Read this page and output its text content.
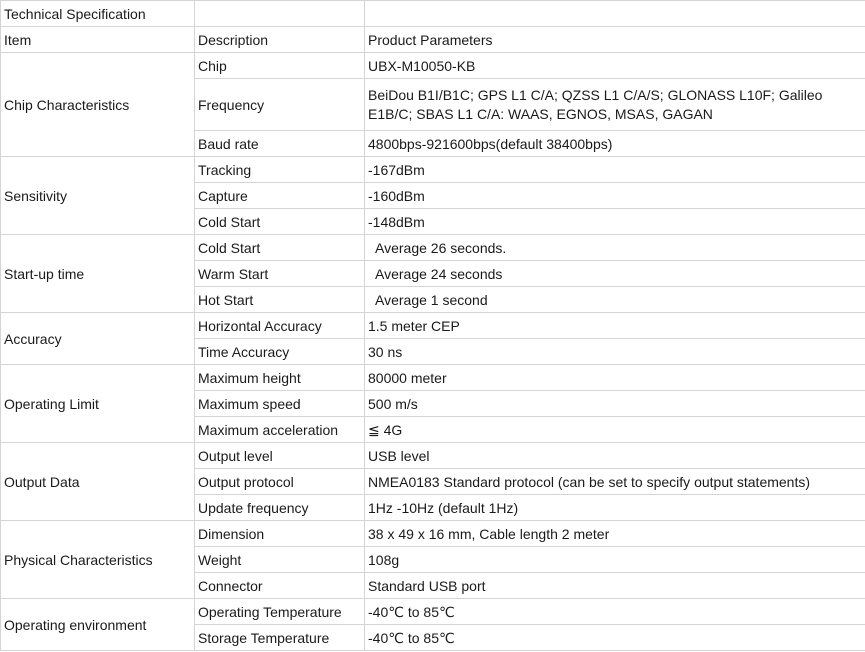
Technical Specification		
Item	Description	Product Parameters
Chip Characteristics	Chip	UBX-M10050-KB
	Frequency	BeiDou B1I/B1C; GPS L1 C/A; QZSS L1 C/A/S; GLONASS L10F; Galileo E1B/C; SBAS L1 C/A: WAAS, EGNOS, MSAS, GAGAN
	Baud rate	4800bps-921600bps(default 38400bps)
Sensitivity	Tracking	-167dBm
	Capture	-160dBm
	Cold Start	-148dBm
Start-up time	Cold Start	Average 26 seconds.
	Warm Start	Average 24 seconds
	Hot Start	Average 1 second
Accuracy	Horizontal Accuracy	1.5 meter CEP
	Time Accuracy	30 ns
Operating Limit	Maximum height	80000 meter
	Maximum speed	500 m/s
	Maximum acceleration	≦ 4G
Output Data	Output level	USB level
	Output protocol	NMEA0183 Standard protocol (can be set to specify output statements)
	Update frequency	1Hz -10Hz (default 1Hz)
Physical Characteristics	Dimension	38 x 49 x 16 mm, Cable length 2 meter
	Weight	108g
	Connector	Standard USB port
Operating environment	Operating Temperature	-40℃ to 85℃
	Storage Temperature	-40℃ to 85℃
